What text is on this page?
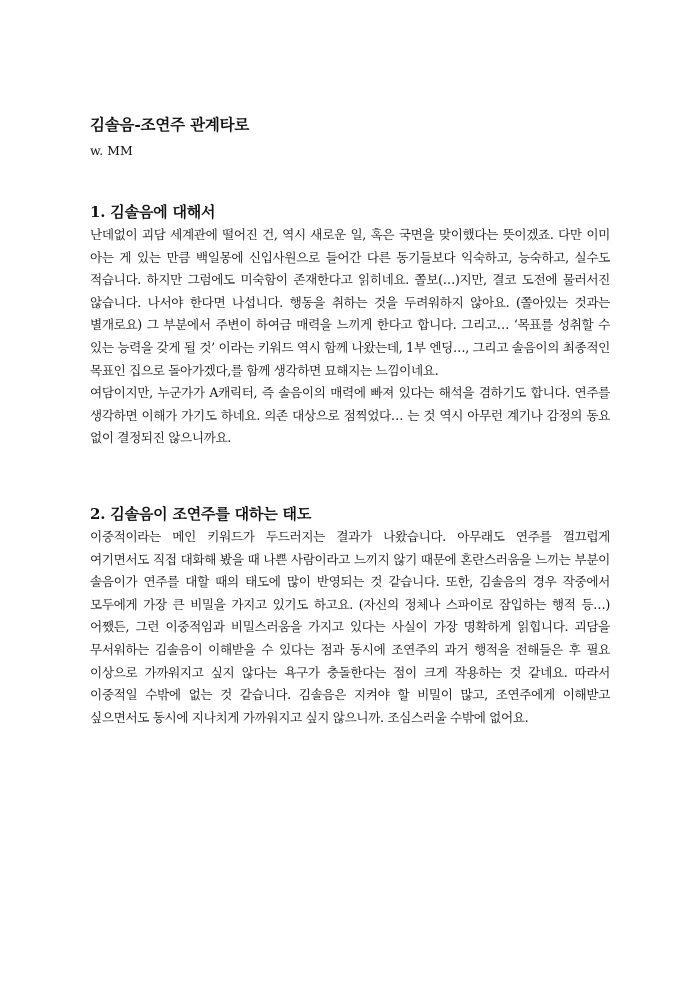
김솔음-조연주 관계타로

w. MM

1. 김솔음에 대해서

난데없이 괴담 세계관에 떨어진 건, 역시 새로운 일, 혹은 국면을 맞이했다는 뜻이겠죠. 다만 이미 아는 게 있는 만큼 백일몽에 신입사원으로 들어간 다른 동기들보다 익숙하고, 능숙하고, 실수도 적습니다. 하지만 그럼에도 미숙함이 존재한다고 읽히네요. 쫄보(…)지만, 결코 도전에 물러서진 않습니다. 나서야 한다면 나섭니다. 행동을 취하는 것을 두려워하지 않아요. (쫄아있는 것과는 별개로요) 그 부분에서 주변이 하여금 매력을 느끼게 한다고 합니다. 그리고… ‘목표를 성취할 수 있는 능력을 갖게 될 것’ 이라는 키워드 역시 함께 나왔는데, 1부 엔딩…, 그리고 솔음이의 최종적인 목표인 집으로 돌아가겠다,를 함께 생각하면 묘해지는 느낌이네요.

여담이지만, 누군가가 A캐릭터, 즉 솔음이의 매력에 빠져 있다는 해석을 겸하기도 합니다. 연주를 생각하면 이해가 가기도 하네요. 의존 대상으로 점찍었다… 는 것 역시 아무런 계기나 감정의 동요 없이 결정되진 않으니까요.

2. 김솔음이 조연주를 대하는 태도

이중적이라는 메인 키워드가 두드러지는 결과가 나왔습니다. 아무래도 연주를 껄끄럽게 여기면서도 직접 대화해 봤을 때 나쁜 사람이라고 느끼지 않기 때문에 혼란스러움을 느끼는 부분이 솔음이가 연주를 대할 때의 태도에 많이 반영되는 것 같습니다. 또한, 김솔음의 경우 작중에서 모두에게 가장 큰 비밀을 가지고 있기도 하고요. (자신의 정체나 스파이로 잠입하는 행적 등…) 어쨌든, 그런 이중적임과 비밀스러움을 가지고 있다는 사실이 가장 명확하게 읽힙니다. 괴담을 무서워하는 김솔음이 이해받을 수 있다는 점과 동시에 조연주의 과거 행적을 전해들은 후 필요 이상으로 가까워지고 싶지 않다는 욕구가 충돌한다는 점이 크게 작용하는 것 같네요. 따라서 이중적일 수밖에 없는 것 같습니다. 김솔음은 지켜야 할 비밀이 많고, 조연주에게 이해받고 싶으면서도 동시에 지나치게 가까워지고 싶지 않으니까. 조심스러울 수밖에 없어요.
